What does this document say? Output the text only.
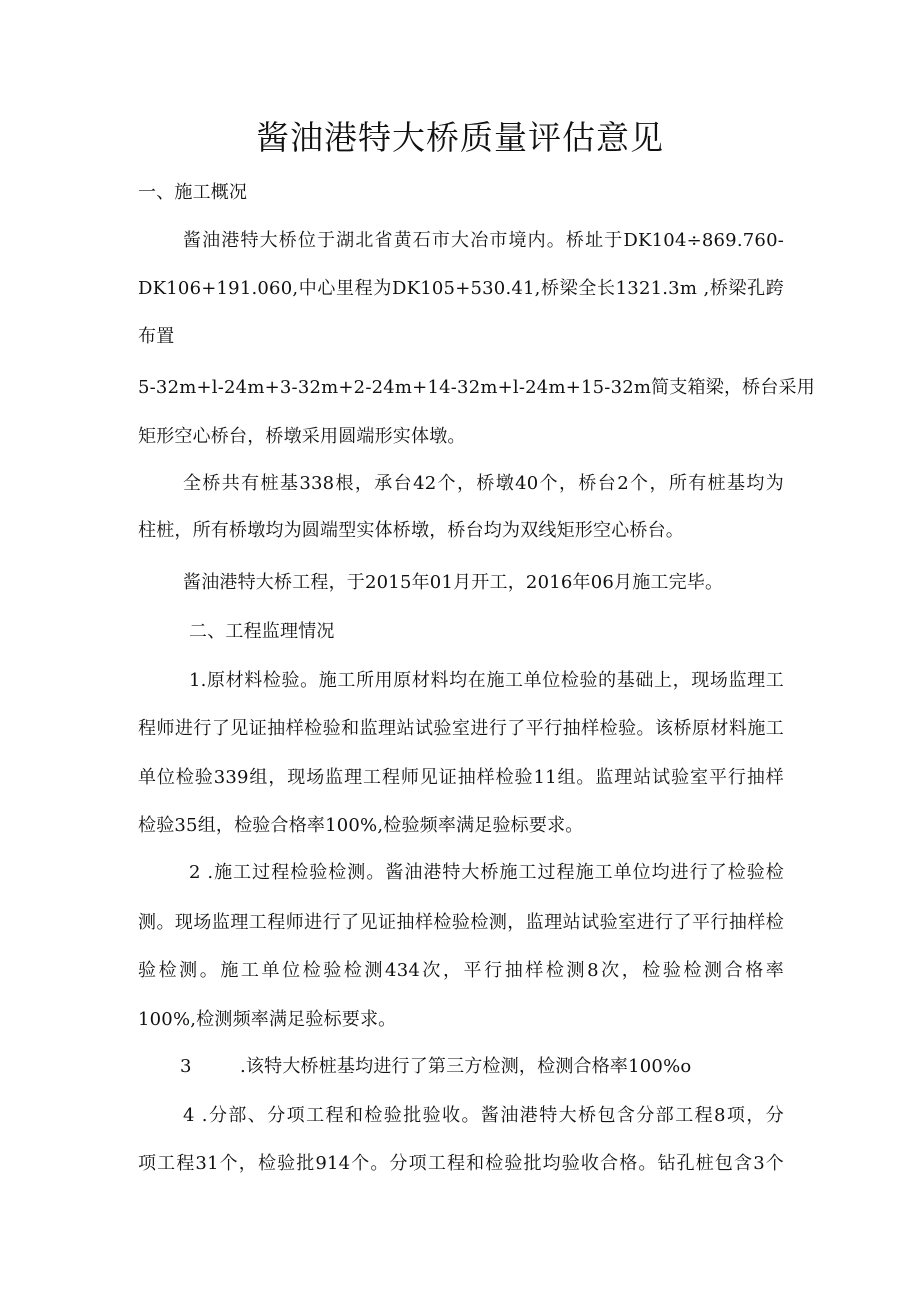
酱油港特大桥质量评估意见
一、施工概况
酱油港特大桥位于湖北省黄石市大冶市境内。桥址于DK104÷869.760-
DK106+191.060,中心里程为DK105+530.41,桥梁全长1321.3m ,桥梁孔跨
布置
5-32m+l-24m+3-32m+2-24m+14-32m+l-24m+15-32m简支箱梁，桥台采用
矩形空心桥台，桥墩采用圆端形实体墩。
全桥共有桩基338根，承台42个，桥墩40个，桥台2个，所有桩基均为
柱桩，所有桥墩均为圆端型实体桥墩，桥台均为双线矩形空心桥台。
酱油港特大桥工程，于2015年01月开工，2016年06月施工完毕。
二、工程监理情况
1.原材料检验。施工所用原材料均在施工单位检验的基础上，现场监理工
程师进行了见证抽样检验和监理站试验室进行了平行抽样检验。该桥原材料施工
单位检验339组，现场监理工程师见证抽样检验11组。监理站试验室平行抽样
检验35组，检验合格率100%,检验频率满足验标要求。
2 .施工过程检验检测。酱油港特大桥施工过程施工单位均进行了检验检
测。现场监理工程师进行了见证抽样检验检测，监理站试验室进行了平行抽样检
验检测。施工单位检验检测434次，平行抽样检测8次，检验检测合格率
100%,检测频率满足验标要求。
3	.该特大桥桩基均进行了第三方检测，检测合格率100%o
4 .分部、分项工程和检验批验收。酱油港特大桥包含分部工程8项，分
项工程31个，检验批914个。分项工程和检验批均验收合格。钻孔桩包含3个
